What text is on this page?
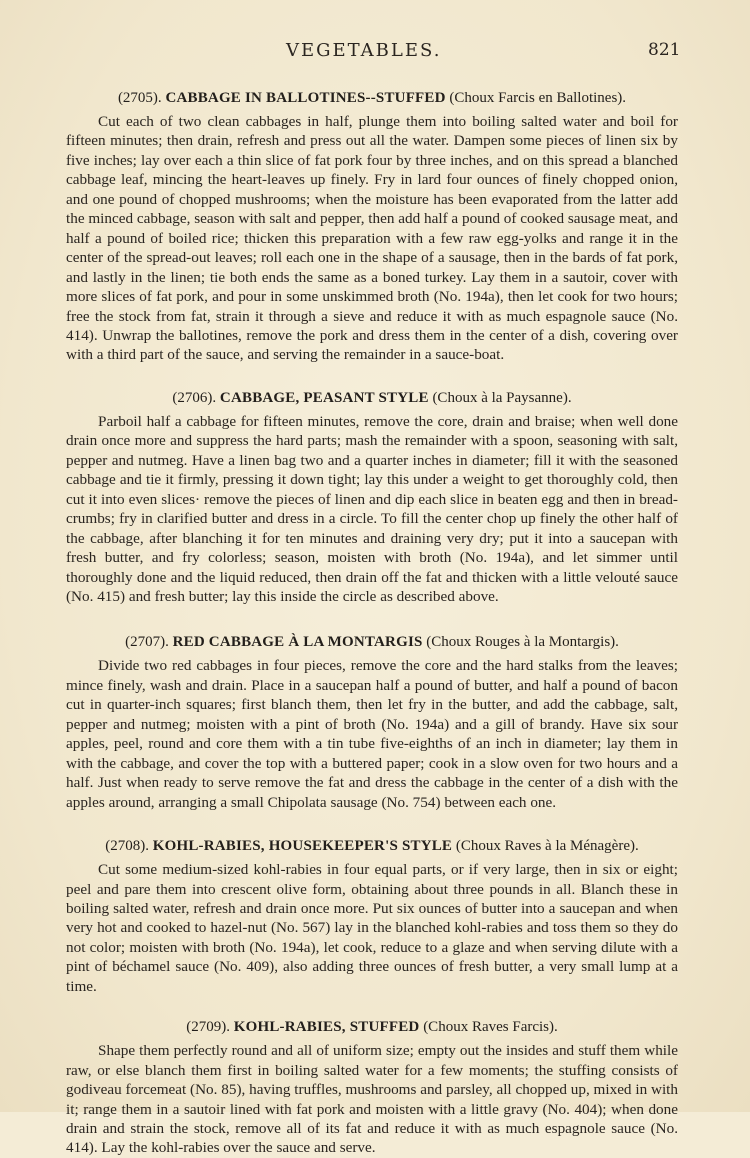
VEGETABLES.	821
(2705). CABBAGE IN BALLOTINES--STUFFED (Choux Farcis en Ballotines).

Cut each of two clean cabbages in half, plunge them into boiling salted water and boil for fifteen minutes; then drain, refresh and press out all the water. Dampen some pieces of linen six by five inches; lay over each a thin slice of fat pork four by three inches, and on this spread a blanched cabbage leaf, mincing the heart-leaves up finely. Fry in lard four ounces of finely chopped onion, and one pound of chopped mushrooms; when the moisture has been evaporated from the latter add the minced cabbage, season with salt and pepper, then add half a pound of cooked sausage meat, and half a pound of boiled rice; thicken this preparation with a few raw egg-yolks and range it in the center of the spread-out leaves; roll each one in the shape of a sausage, then in the bards of fat pork, and lastly in the linen; tie both ends the same as a boned turkey. Lay them in a sautoir, cover with more slices of fat pork, and pour in some unskimmed broth (No. 194a), then let cook for two hours; free the stock from fat, strain it through a sieve and reduce it with as much espagnole sauce (No. 414). Unwrap the ballotines, remove the pork and dress them in the center of a dish, covering over with a third part of the sauce, and serving the remainder in a sauce-boat.

(2706). CABBAGE, PEASANT STYLE (Choux à la Paysanne).

Parboil half a cabbage for fifteen minutes, remove the core, drain and braise; when well done drain once more and suppress the hard parts; mash the remainder with a spoon, seasoning with salt, pepper and nutmeg. Have a linen bag two and a quarter inches in diameter; fill it with the seasoned cabbage and tie it firmly, pressing it down tight; lay this under a weight to get thoroughly cold, then cut it into even slices· remove the pieces of linen and dip each slice in beaten egg and then in bread-crumbs; fry in clarified butter and dress in a circle. To fill the center chop up finely the other half of the cabbage, after blanching it for ten minutes and draining very dry; put it into a saucepan with fresh butter, and fry colorless; season, moisten with broth (No. 194a), and let simmer until thoroughly done and the liquid reduced, then drain off the fat and thicken with a little velouté sauce (No. 415) and fresh butter; lay this inside the circle as described above.

(2707). RED CABBAGE À LA MONTARGIS (Choux Rouges à la Montargis).

Divide two red cabbages in four pieces, remove the core and the hard stalks from the leaves; mince finely, wash and drain. Place in a saucepan half a pound of butter, and half a pound of bacon cut in quarter-inch squares; first blanch them, then let fry in the butter, and add the cabbage, salt, pepper and nutmeg; moisten with a pint of broth (No. 194a) and a gill of brandy. Have six sour apples, peel, round and core them with a tin tube five-eighths of an inch in diameter; lay them in with the cabbage, and cover the top with a buttered paper; cook in a slow oven for two hours and a half. Just when ready to serve remove the fat and dress the cabbage in the center of a dish with the apples around, arranging a small Chipolata sausage (No. 754) between each one.

(2708). KOHL-RABIES, HOUSEKEEPER'S STYLE (Choux Raves à la Ménagère).

Cut some medium-sized kohl-rabies in four equal parts, or if very large, then in six or eight; peel and pare them into crescent olive form, obtaining about three pounds in all. Blanch these in boiling salted water, refresh and drain once more. Put six ounces of butter into a saucepan and when very hot and cooked to hazel-nut (No. 567) lay in the blanched kohl-rabies and toss them so they do not color; moisten with broth (No. 194a), let cook, reduce to a glaze and when serving dilute with a pint of béchamel sauce (No. 409), also adding three ounces of fresh butter, a very small lump at a time.

(2709). KOHL-RABIES, STUFFED (Choux Raves Farcis).

Shape them perfectly round and all of uniform size; empty out the insides and stuff them while raw, or else blanch them first in boiling salted water for a few moments; the stuffing consists of godiveau forcemeat (No. 85), having truffles, mushrooms and parsley, all chopped up, mixed in with it; range them in a sautoir lined with fat pork and moisten with a little gravy (No. 404); when done drain and strain the stock, remove all of its fat and reduce it with as much espagnole sauce (No. 414). Lay the kohl-rabies over the sauce and serve.
